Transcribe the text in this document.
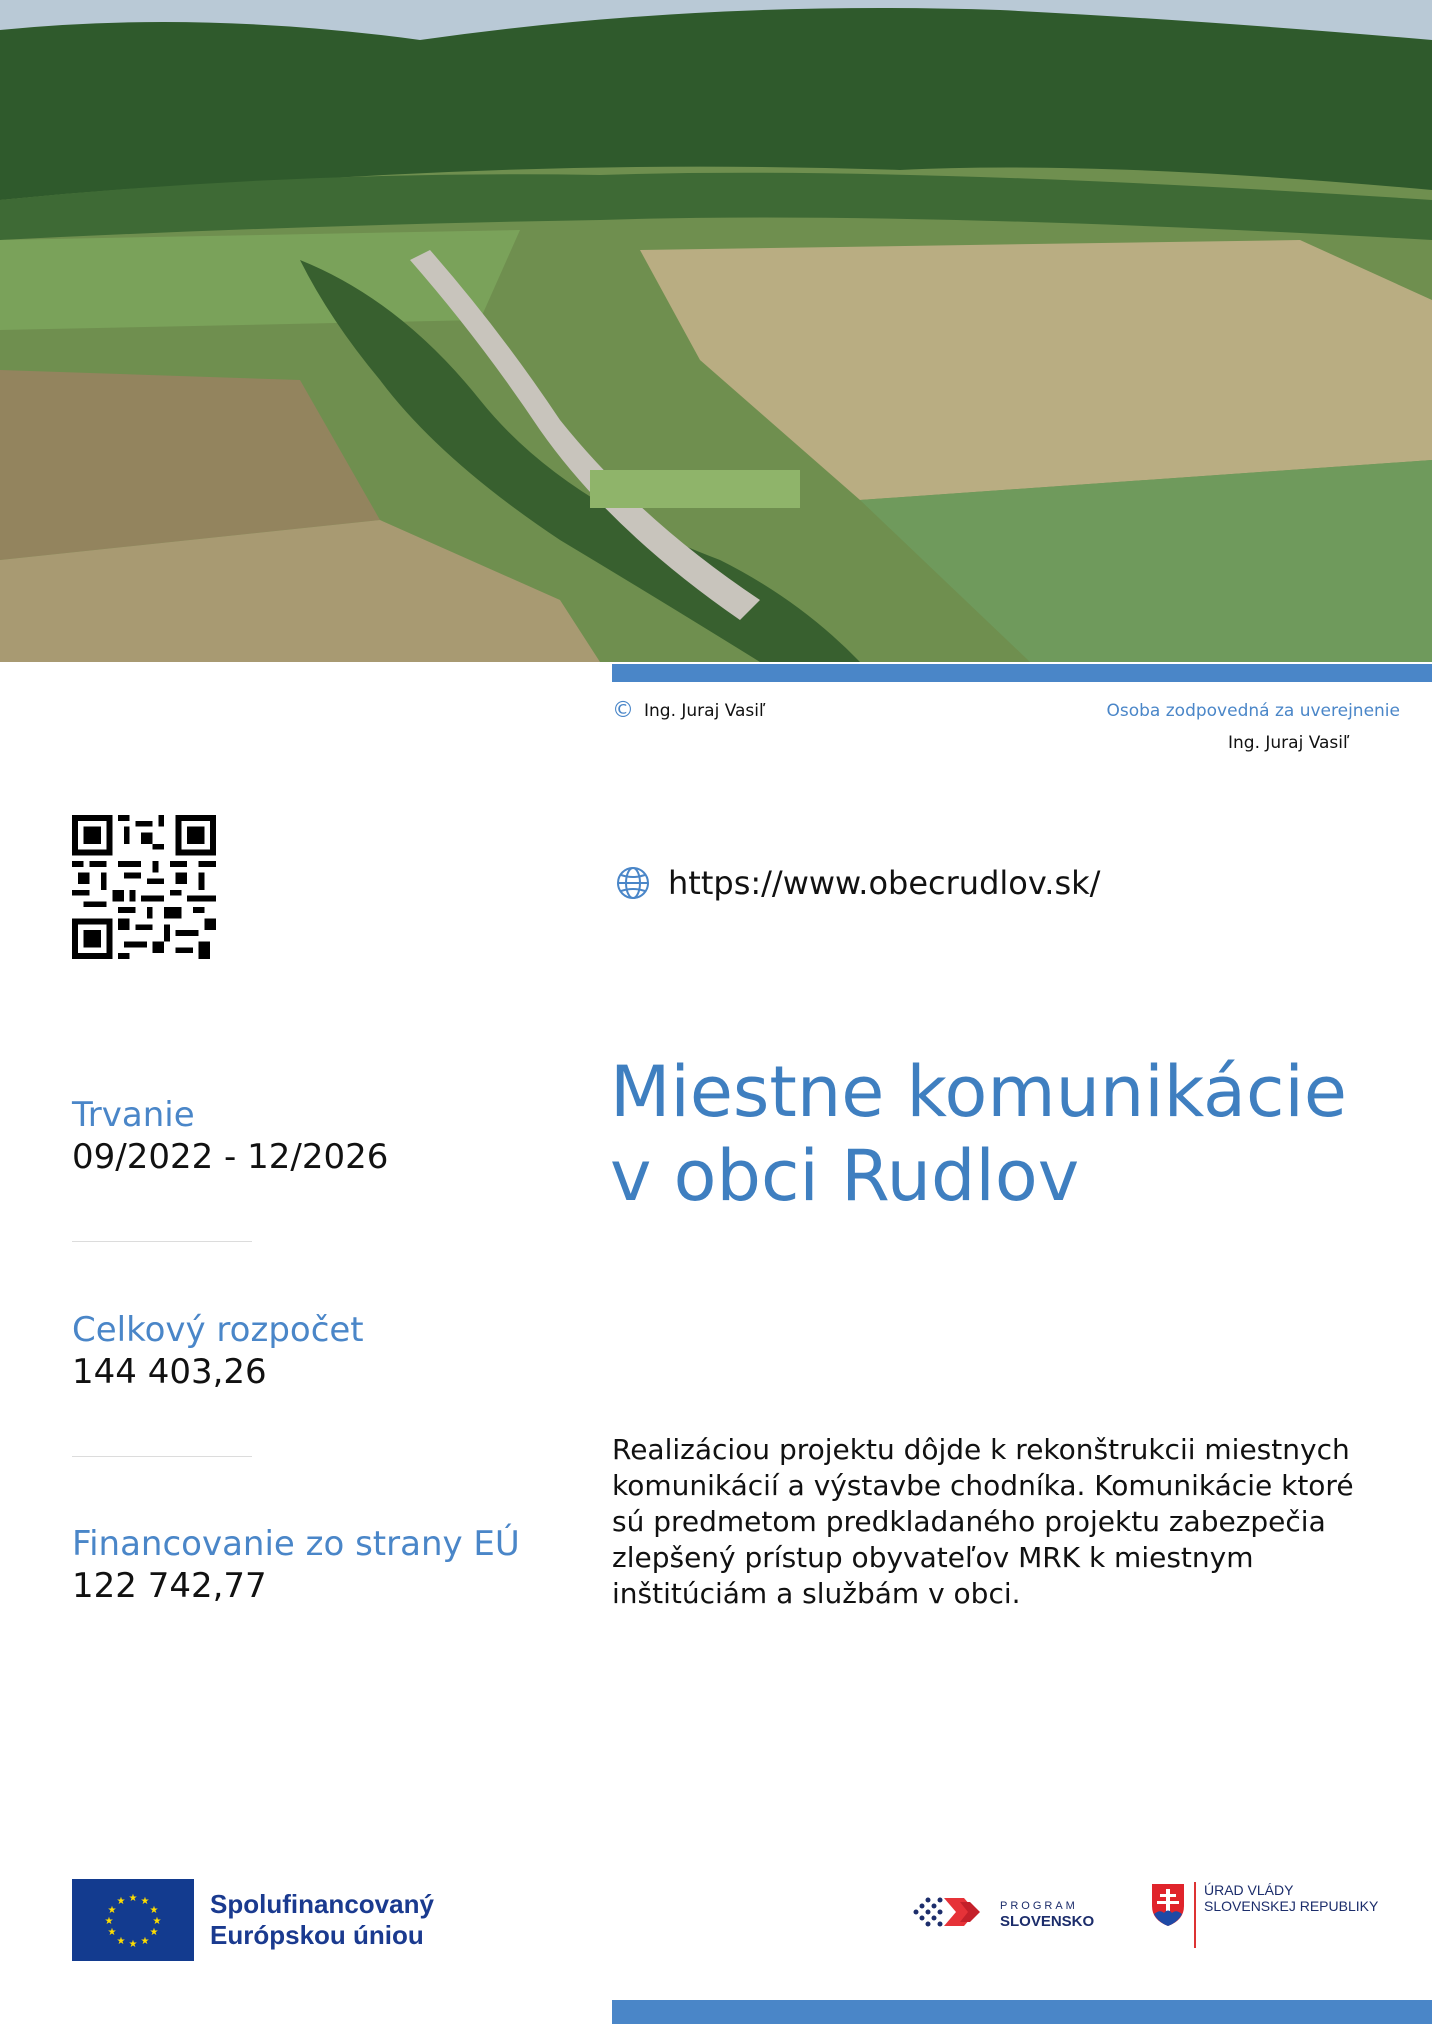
© Ing. Juraj Vasiľ	Osoba zodpovedná za uverejnenie
Ing. Juraj Vasiľ
https://www.obecrudlov.sk/
Miestne komunikácie
v obci Rudlov
Trvanie
09/2022 - 12/2026
Celkový rozpočet
144 403,26
Financovanie zo strany EÚ
122 742,77

Realizáciou projektu dôjde k rekonštrukcii miestnych komunikácií a výstavbe chodníka. Komunikácie ktoré sú predmetom predkladaného projektu zabezpečia zlepšený prístup obyvateľov MRK k miestnym inštitúciám a službám v obci.

★ ★
★
★
★
★
★
★
★
★
★
★	Spolufinancovaný
Európskou úniou
PROGRAM
SLOVENSKO
ÚRAD VLÁDY
SLOVENSKEJ REPUBLIKY
